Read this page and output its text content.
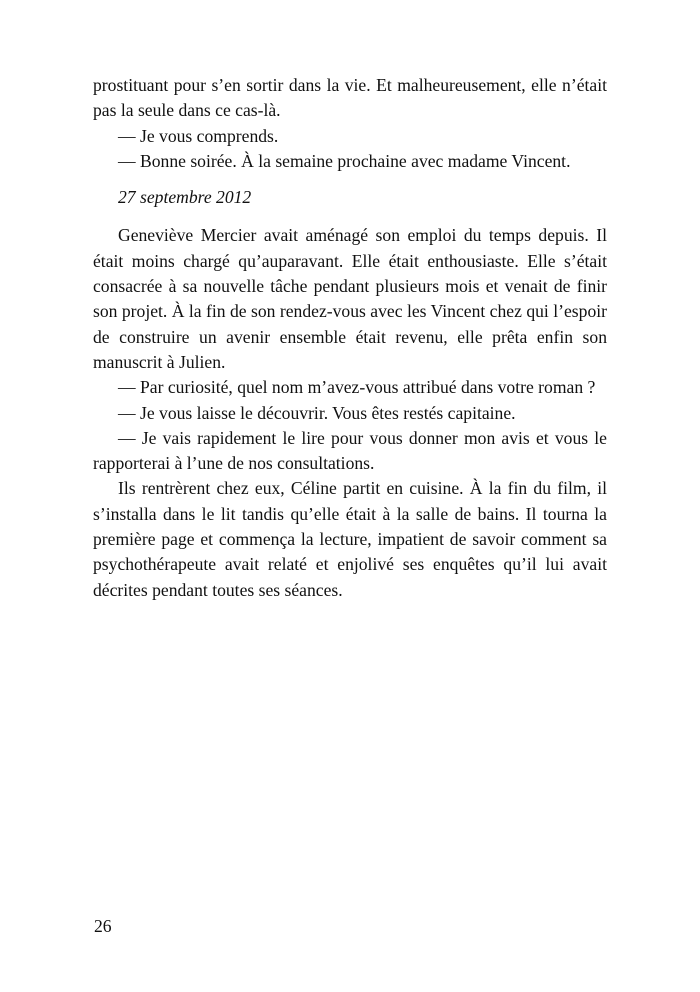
prostituant pour s’en sortir dans la vie. Et malheureusement, elle n’était pas la seule dans ce cas-là.

— Je vous comprends.

— Bonne soirée. À la semaine prochaine avec madame Vincent.

27 septembre 2012

Geneviève Mercier avait aménagé son emploi du temps depuis. Il était moins chargé qu’auparavant. Elle était enthousiaste. Elle s’était consacrée à sa nouvelle tâche pendant plusieurs mois et venait de finir son projet. À la fin de son rendez-vous avec les Vincent chez qui l’espoir de construire un avenir ensemble était revenu, elle prêta enfin son manuscrit à Julien.

— Par curiosité, quel nom m’avez-vous attribué dans votre roman ?

— Je vous laisse le découvrir. Vous êtes restés capitaine.

— Je vais rapidement le lire pour vous donner mon avis et vous le rapporterai à l’une de nos consultations.

Ils rentrèrent chez eux, Céline partit en cuisine. À la fin du film, il s’installa dans le lit tandis qu’elle était à la salle de bains. Il tourna la première page et commença la lecture, impatient de savoir comment sa psychothérapeute avait relaté et enjolivé ses enquêtes qu’il lui avait décrites pendant toutes ses séances.

26
